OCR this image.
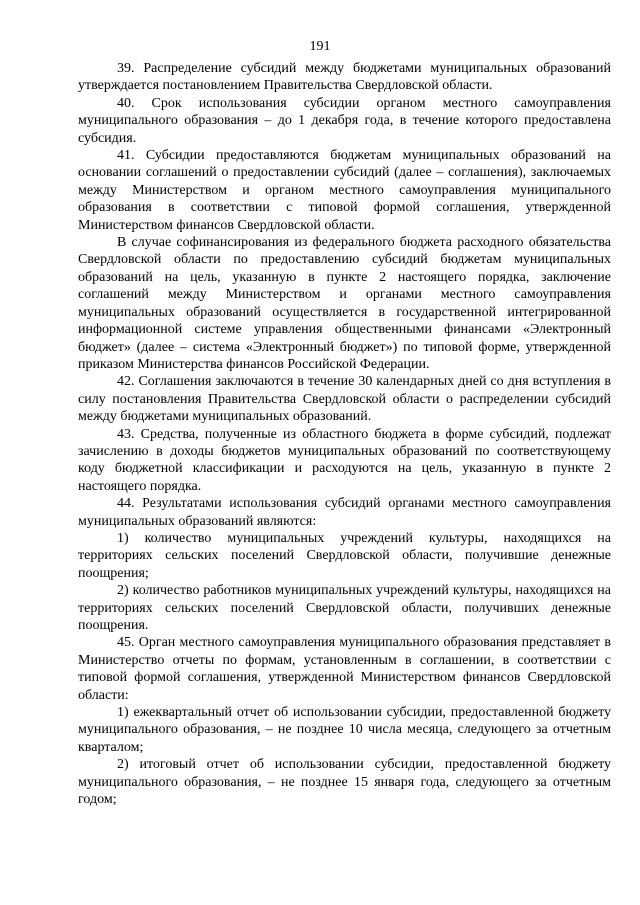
191

39. Распределение субсидий между бюджетами муниципальных образований утверждается постановлением Правительства Свердловской области.

40. Срок использования субсидии органом местного самоуправления муниципального образования – до 1 декабря года, в течение которого предоставлена субсидия.

41. Субсидии предоставляются бюджетам муниципальных образований на основании соглашений о предоставлении субсидий (далее – соглашения), заключаемых между Министерством и органом местного самоуправления муниципального образования в соответствии с типовой формой соглашения, утвержденной Министерством финансов Свердловской области.

В случае софинансирования из федерального бюджета расходного обязательства Свердловской области по предоставлению субсидий бюджетам муниципальных образований на цель, указанную в пункте 2 настоящего порядка, заключение соглашений между Министерством и органами местного самоуправления муниципальных образований осуществляется в государственной интегрированной информационной системе управления общественными финансами «Электронный бюджет» (далее – система «Электронный бюджет») по типовой форме, утвержденной приказом Министерства финансов Российской Федерации.

42. Соглашения заключаются в течение 30 календарных дней со дня вступления в силу постановления Правительства Свердловской области о распределении субсидий между бюджетами муниципальных образований.

43. Средства, полученные из областного бюджета в форме субсидий, подлежат зачислению в доходы бюджетов муниципальных образований по соответствующему коду бюджетной классификации и расходуются на цель, указанную в пункте 2 настоящего порядка.

44. Результатами использования субсидий органами местного самоуправления муниципальных образований являются:

1) количество муниципальных учреждений культуры, находящихся на территориях сельских поселений Свердловской области, получившие денежные поощрения;

2) количество работников муниципальных учреждений культуры, находящихся на территориях сельских поселений Свердловской области, получивших денежные поощрения.

45. Орган местного самоуправления муниципального образования представляет в Министерство отчеты по формам, установленным в соглашении, в соответствии с типовой формой соглашения, утвержденной Министерством финансов Свердловской области:

1) ежеквартальный отчет об использовании субсидии, предоставленной бюджету муниципального образования, – не позднее 10 числа месяца, следующего за отчетным кварталом;

2) итоговый отчет об использовании субсидии, предоставленной бюджету муниципального образования, – не позднее 15 января года, следующего за отчетным годом;
